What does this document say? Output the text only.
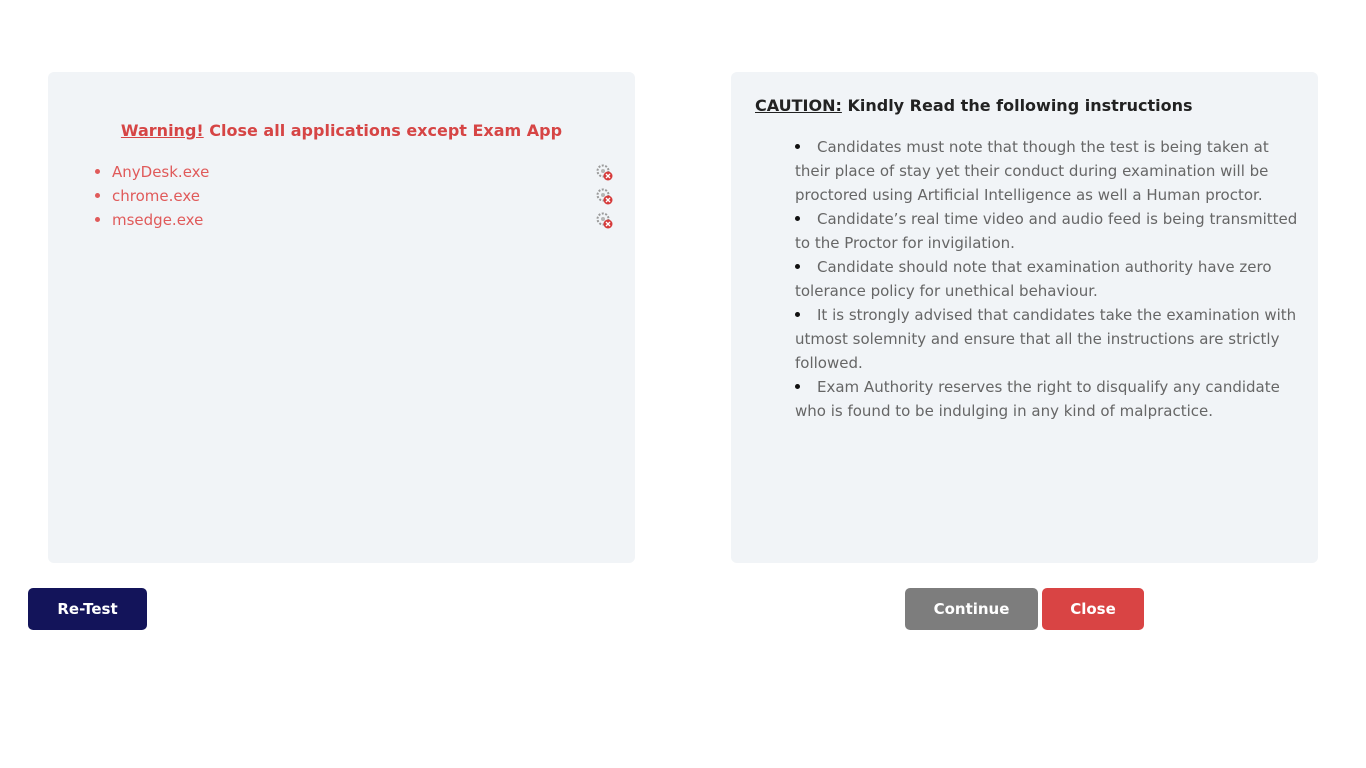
Warning! Close all applications except Exam App
AnyDesk.exe
chrome.exe
msedge.exe
CAUTION: Kindly Read the following instructions
Candidates must note that though the test is being taken at their place of stay yet their conduct during examination will be proctored using Artificial Intelligence as well a Human proctor.
Candidate’s real time video and audio feed is being transmitted to the Proctor for invigilation.
Candidate should note that examination authority have zero tolerance policy for unethical behaviour.
It is strongly advised that candidates take the examination with utmost solemnity and ensure that all the instructions are strictly followed.
Exam Authority reserves the right to disqualify any candidate who is found to be indulging in any kind of malpractice.
Re-Test	Continue	Close
